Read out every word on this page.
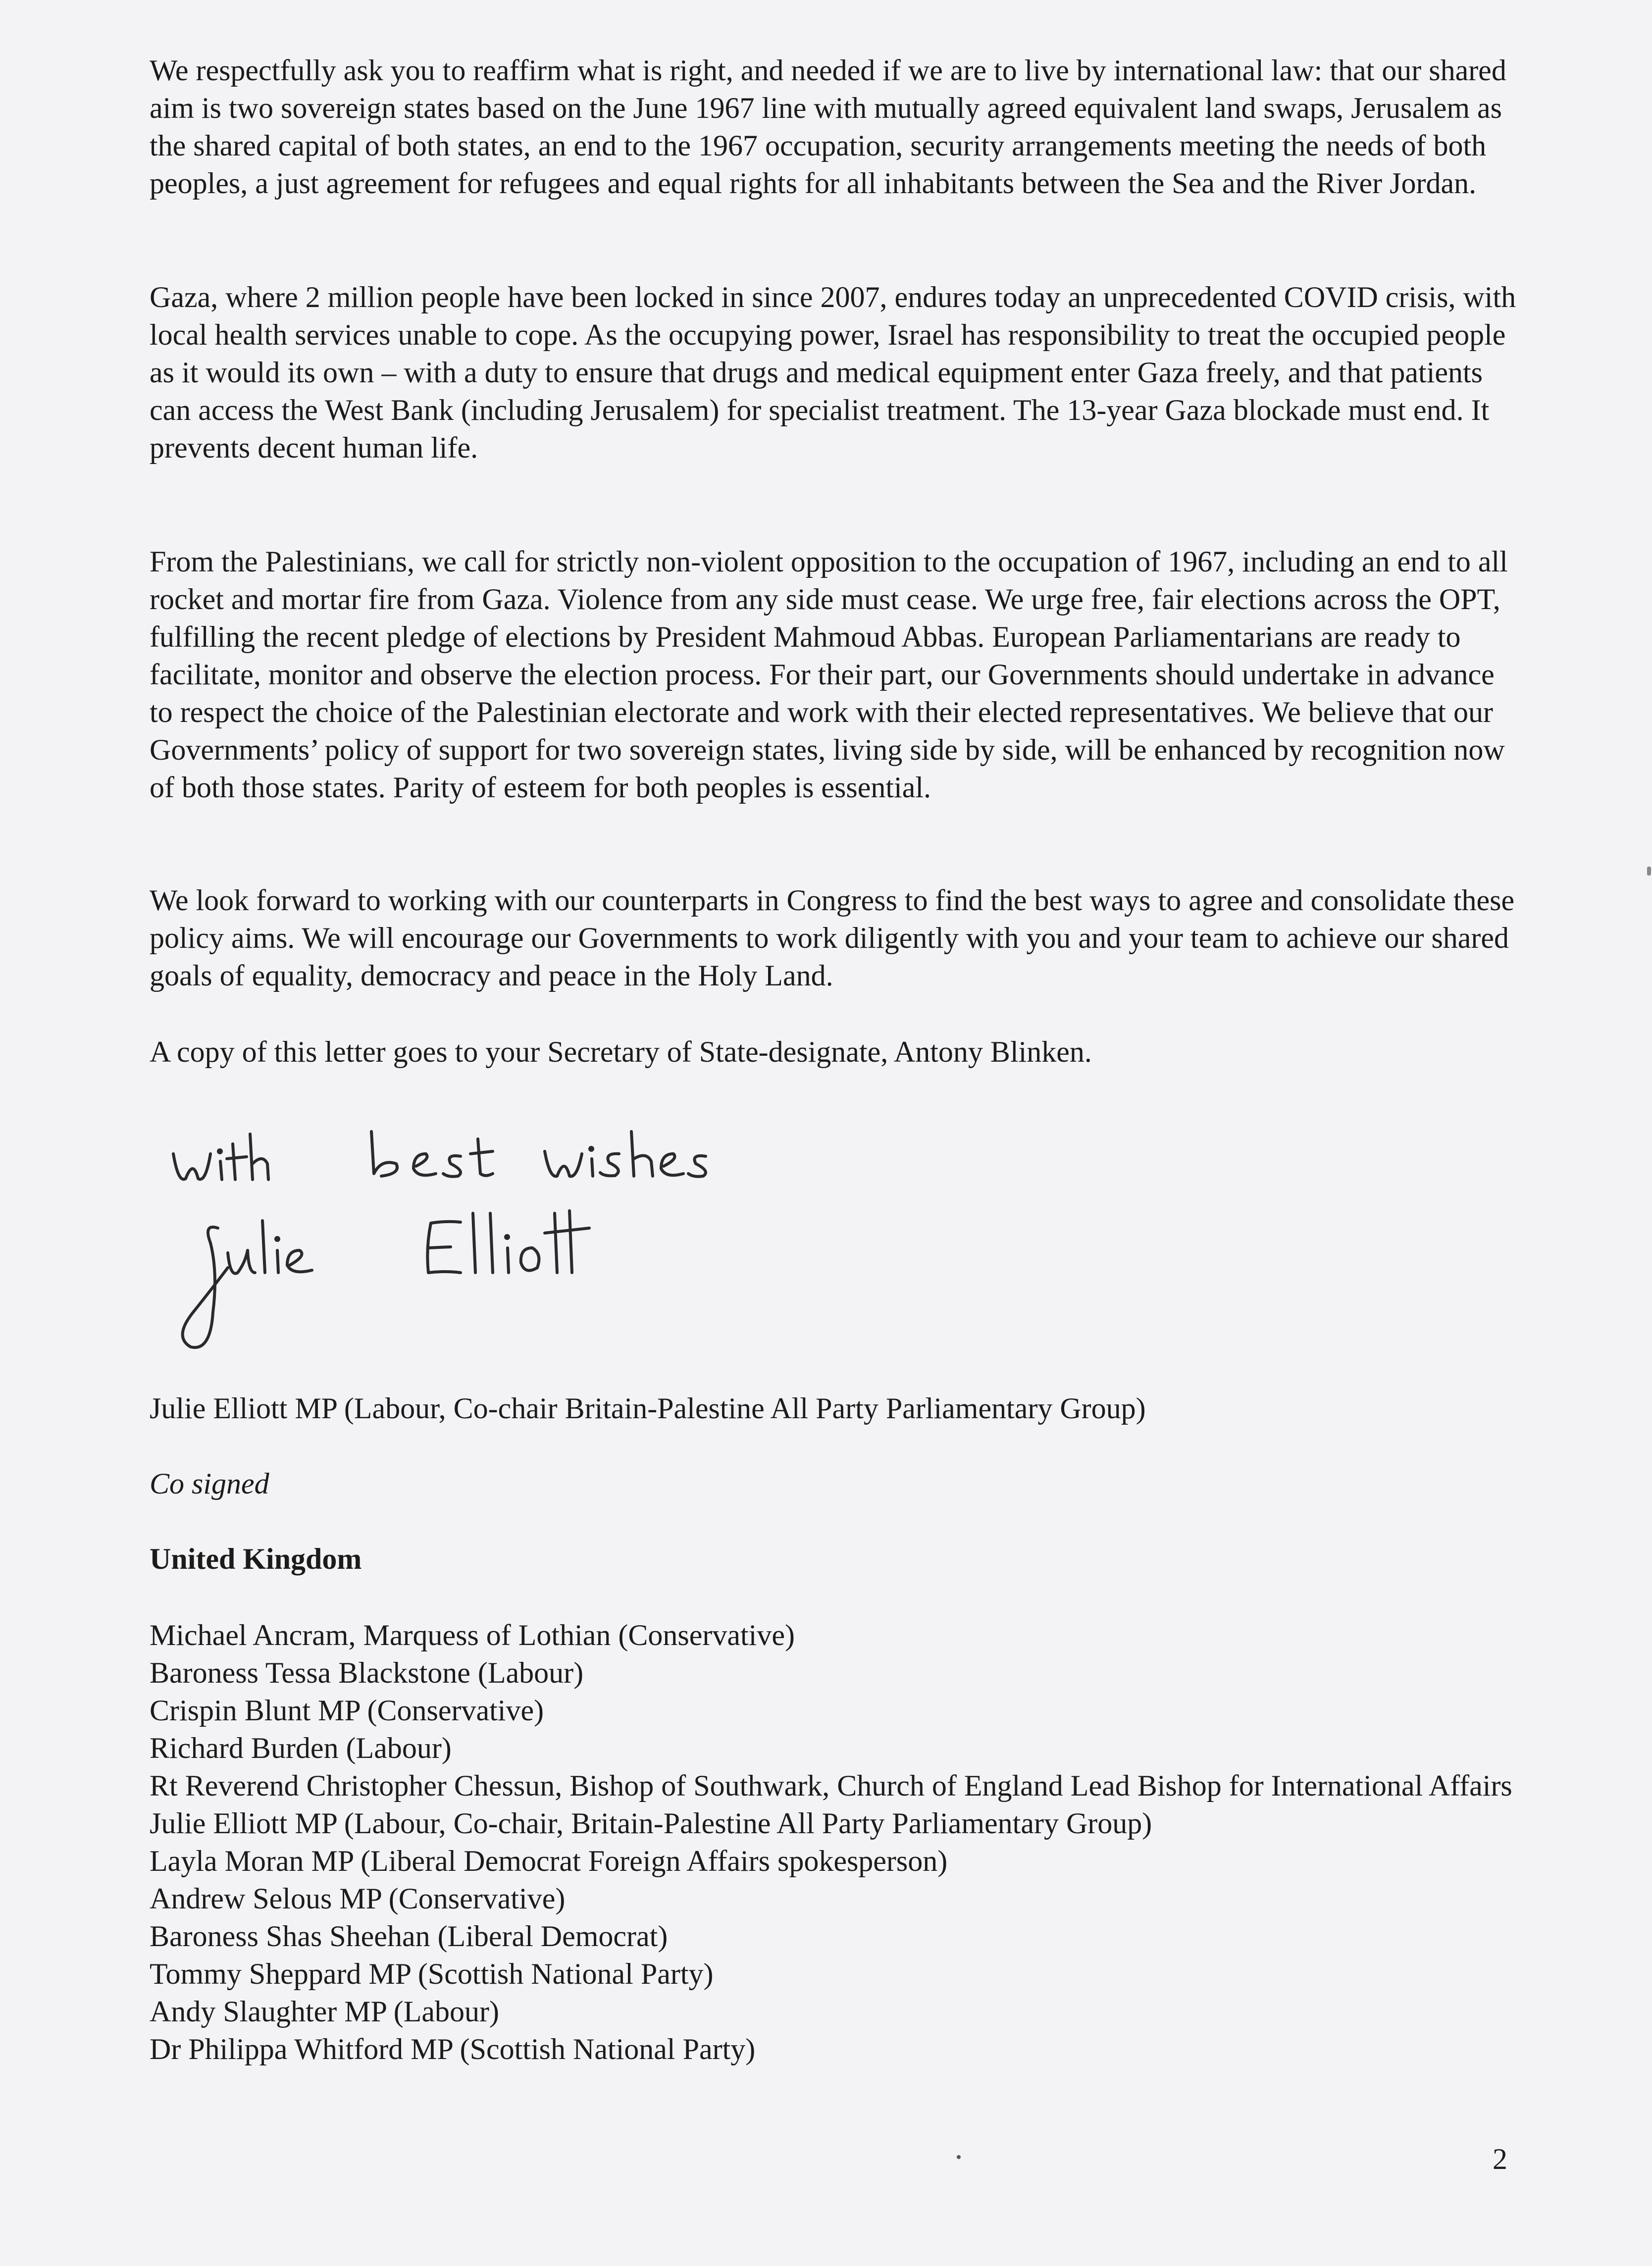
We respectfully ask you to reaffirm what is right, and needed if we are to live by international law: that our shared aim is two sovereign states based on the June 1967 line with mutually agreed equivalent land swaps, Jerusalem as the shared capital of both states, an end to the 1967 occupation, security arrangements meeting the needs of both peoples, a just agreement for refugees and equal rights for all inhabitants between the Sea and the River Jordan.

Gaza, where 2 million people have been locked in since 2007, endures today an unprecedented COVID crisis, with local health services unable to cope. As the occupying power, Israel has responsibility to treat the occupied people as it would its own – with a duty to ensure that drugs and medical equipment enter Gaza freely, and that patients can access the West Bank (including Jerusalem) for specialist treatment. The 13-year Gaza blockade must end. It prevents decent human life.

From the Palestinians, we call for strictly non-violent opposition to the occupation of 1967, including an end to all rocket and mortar fire from Gaza. Violence from any side must cease. We urge free, fair elections across the OPT, fulfilling the recent pledge of elections by President Mahmoud Abbas. European Parliamentarians are ready to facilitate, monitor and observe the election process. For their part, our Governments should undertake in advance to respect the choice of the Palestinian electorate and work with their elected representatives. We believe that our Governments’ policy of support for two sovereign states, living side by side, will be enhanced by recognition now of both those states. Parity of esteem for both peoples is essential.

We look forward to working with our counterparts in Congress to find the best ways to agree and consolidate these policy aims. We will encourage our Governments to work diligently with you and your team to achieve our shared goals of equality, democracy and peace in the Holy Land.

A copy of this letter goes to your Secretary of State-designate, Antony Blinken.

Julie Elliott MP (Labour, Co-chair Britain-Palestine All Party Parliamentary Group)

Co signed

United Kingdom

Michael Ancram, Marquess of Lothian (Conservative)
Baroness Tessa Blackstone (Labour)
Crispin Blunt MP (Conservative)
Richard Burden (Labour)
Rt Reverend Christopher Chessun, Bishop of Southwark, Church of England Lead Bishop for International Affairs
Julie Elliott MP (Labour, Co-chair, Britain-Palestine All Party Parliamentary Group)
Layla Moran MP (Liberal Democrat Foreign Affairs spokesperson)
Andrew Selous MP (Conservative)
Baroness Shas Sheehan (Liberal Democrat)
Tommy Sheppard MP (Scottish National Party)
Andy Slaughter MP (Labour)
Dr Philippa Whitford MP (Scottish National Party)
2
